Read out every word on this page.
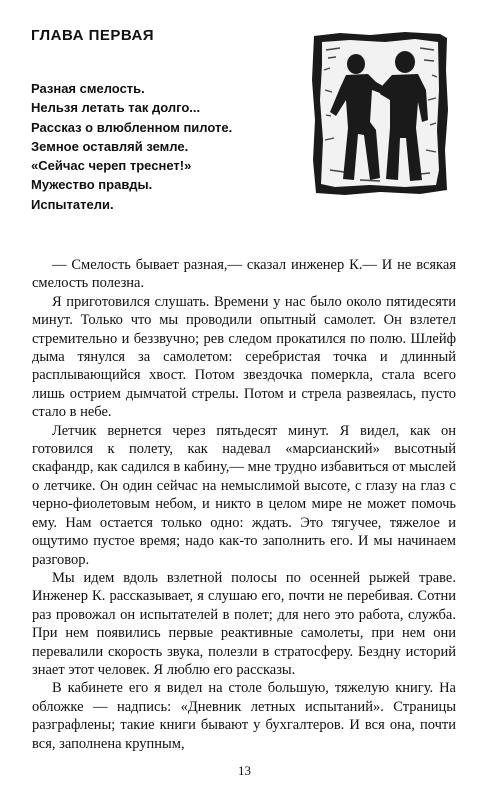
ГЛАВА ПЕРВАЯ
Разная смелость.
Нельзя летать так долго...
Рассказ о влюбленном пилоте.
Земное оставляй земле.
«Сейчас череп треснет!»
Мужество правды.
Испытатели.

— Смелость бывает разная,— сказал инженер К.— И не всякая смелость полезна.

Я приготовился слушать. Времени у нас было около пятидесяти минут. Только что мы проводили опытный самолет. Он взлетел стремительно и беззвучно; рев следом прокатился по полю. Шлейф дыма тянулся за самолетом: серебристая точка и длинный расплывающийся хвост. Потом звездочка померкла, стала всего лишь острием дымчатой стрелы. Потом и стрела развеялась, пусто стало в небе.

Летчик вернется через пятьдесят минут. Я видел, как он готовился к полету, как надевал «марсианский» высотный скафандр, как садился в кабину,— мне трудно избавиться от мыслей о летчике. Он один сейчас на немыслимой высоте, с глазу на глаз с черно-фиолетовым небом, и никто в целом мире не может помочь ему. Нам остается только одно: ждать. Это тягучее, тяжелое и ощутимо пустое время; надо как-то заполнить его. И мы начинаем разговор.

Мы идем вдоль взлетной полосы по осенней рыжей траве. Инженер К. рассказывает, я слушаю его, почти не перебивая. Сотни раз провожал он испытателей в полет; для него это работа, служба. При нем появились первые реактивные самолеты, при нем они перевалили скорость звука, полезли в стратосферу. Бездну историй знает этот человек. Я люблю его рассказы.

В кабинете его я видел на столе большую, тяжелую книгу. На обложке — надпись: «Дневник летных испытаний». Страницы разграфлены; такие книги бывают у бухгалтеров. И вся она, почти вся, заполнена крупным,

13
